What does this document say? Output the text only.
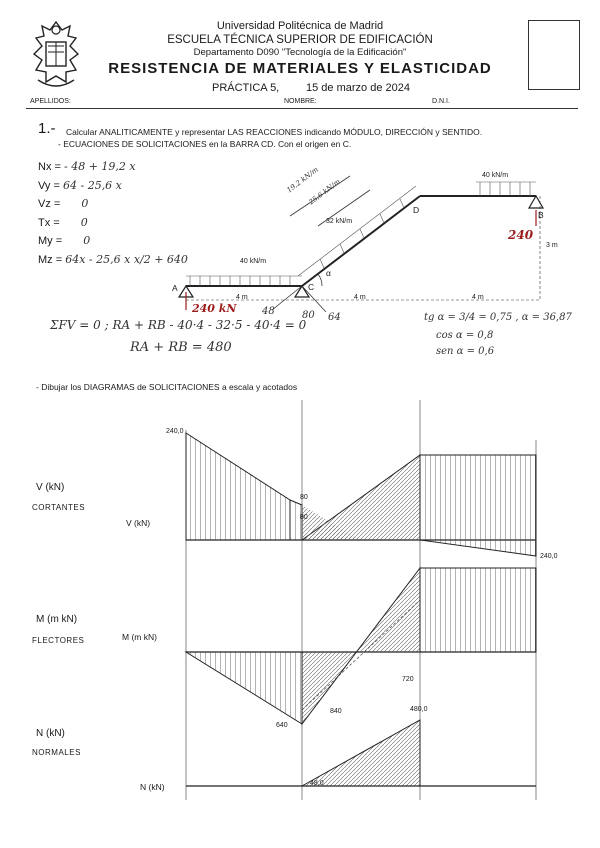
Universidad Politécnica de Madrid
ESCUELA TÉCNICA SUPERIOR DE EDIFICACIÓN
Departamento D090 "Tecnología de la Edificación"
RESISTENCIA DE MATERIALES Y ELASTICIDAD
PRÁCTICA 5, 15 de marzo de 2024
APELLIDOS:	NOMBRE:	D.N.I.
1.- Calcular ANALITICAMENTE y representar LAS REACCIONES indicando MÓDULO, DIRECCIÓN y SENTIDO.
- ECUACIONES DE SOLICITACIONES en la BARRA CD. Con el origen en C.
Nx = - 48 + 19,2 x
Vy = 64 - 25,6 x
Vz = 0
Tx = 0
My = 0
Mz = 64x - 25,6 x x/2 + 640	40 kN/m
32 kN/m
40 kN/m
19,2 kN/m
25,6 kN/m
A	C
D	B
α
4 m	4 m	4 m
3 m
240 kN
240
48	80 64
ΣFV = 0 ; RA + RB - 40·4 - 32·5 - 40·4 = 0
RA + RB = 480
tg α = 3/4 = 0,75 , α = 36,87
cos α = 0,8
sen α = 0,6
- Dibujar los DIAGRAMAS de SOLICITACIONES a escala y acotados
V (kN)
CORTANTES
V (kN)
240,0
240,0
80
80
M (m kN)
FLECTORES	M (m kN)
640
840	480,0
720
N (kN)
NORMALES
N (kN)	48,0
